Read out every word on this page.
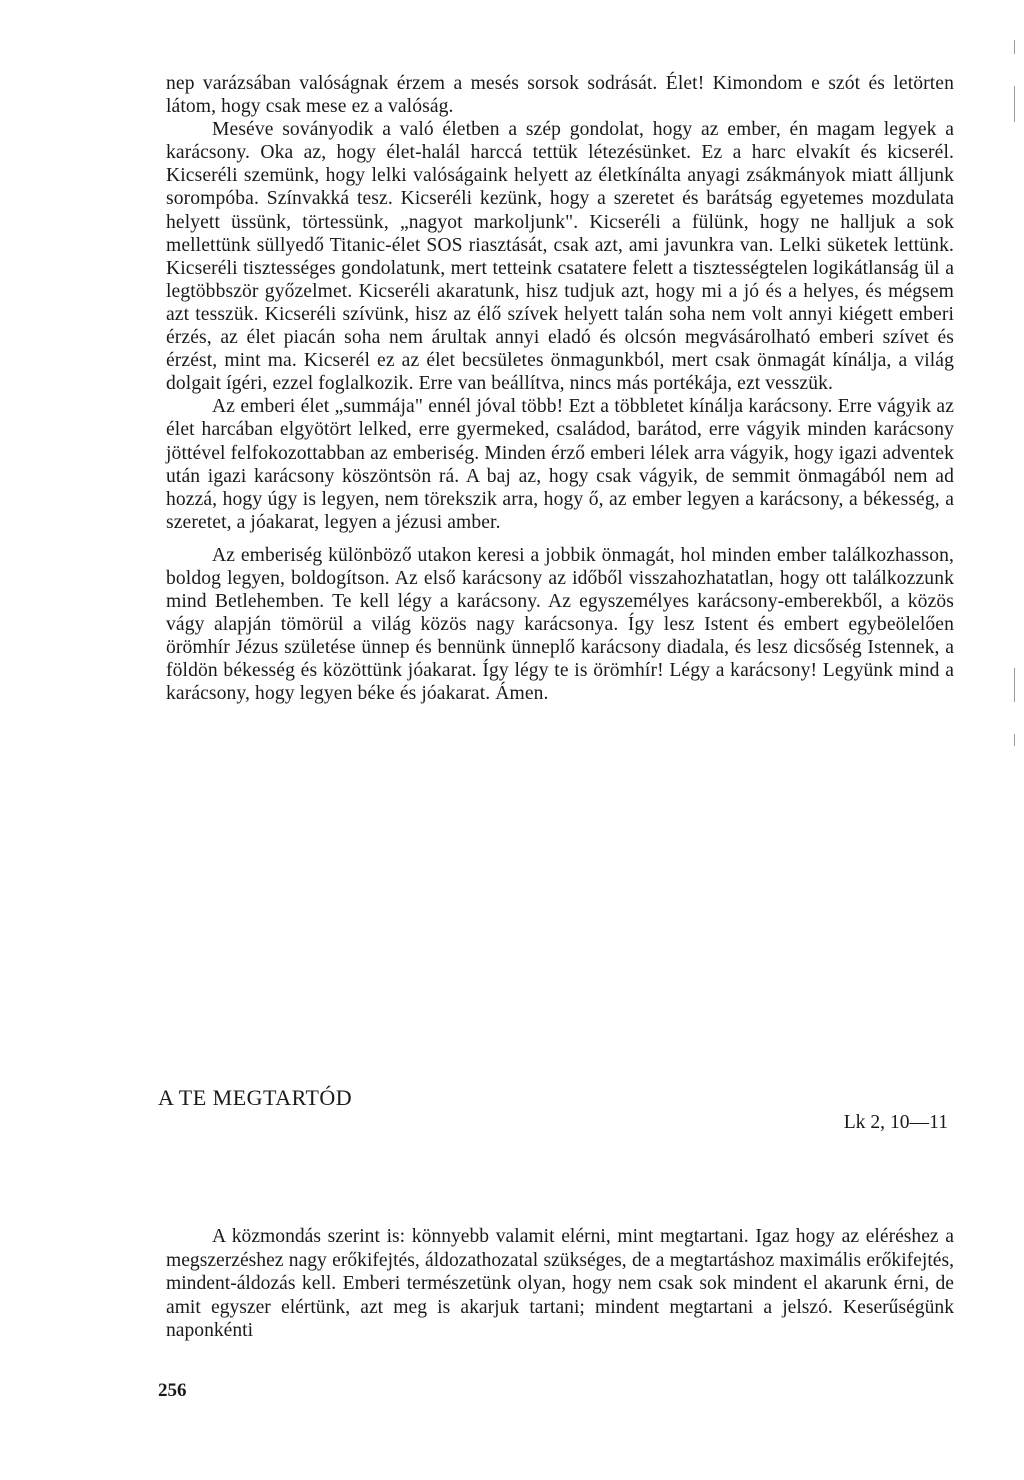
nep varázsában valóságnak érzem a mesés sorsok sodrását. Élet! Kimondom e szót és letörten látom, hogy csak mese ez a valóság.

Meséve soványodik a való életben a szép gondolat, hogy az ember, én magam legyek a karácsony. Oka az, hogy élet-halál harccá tettük létezésünket. Ez a harc elvakít és kicserél. Kicseréli szemünk, hogy lelki valóságaink helyett az életkínálta anyagi zsákmányok miatt álljunk sorompóba. Színvakká tesz. Kicseréli kezünk, hogy a szeretet és barátság egyetemes mozdulata helyett üssünk, törtessünk, „nagyot markoljunk". Kicseréli a fülünk, hogy ne halljuk a sok mellettünk süllyedő Titanic-élet SOS riasztását, csak azt, ami javunkra van. Lelki süketek lettünk. Kicseréli tisztességes gondolatunk, mert tetteink csatatere felett a tisztességtelen logikátlanság ül a legtöbbször győzelmet. Kicseréli akaratunk, hisz tudjuk azt, hogy mi a jó és a helyes, és mégsem azt tesszük. Kicseréli szívünk, hisz az élő szívek helyett talán soha nem volt annyi kiégett emberi érzés, az élet piacán soha nem árultak annyi eladó és olcsón megvásárolható emberi szívet és érzést, mint ma. Kicserél ez az élet becsületes önmagunkból, mert csak önmagát kínálja, a világ dolgait ígéri, ezzel foglalkozik. Erre van beállítva, nincs más portékája, ezt vesszük.

Az emberi élet „summája" ennél jóval több! Ezt a többletet kínálja karácsony. Erre vágyik az élet harcában elgyötört lelked, erre gyermeked, családod, barátod, erre vágyik minden karácsony jöttével felfokozottabban az emberiség. Minden érző emberi lélek arra vágyik, hogy igazi adventek után igazi karácsony köszöntsön rá. A baj az, hogy csak vágyik, de semmit önmagából nem ad hozzá, hogy úgy is legyen, nem törekszik arra, hogy ő, az ember legyen a karácsony, a békesség, a szeretet, a jóakarat, legyen a jézusi amber.

Az emberiség különböző utakon keresi a jobbik önmagát, hol minden ember találkozhasson, boldog legyen, boldogítson. Az első karácsony az időből visszahozhatatlan, hogy ott találkozzunk mind Betlehemben. Te kell légy a karácsony. Az egyszemélyes karácsony-emberekből, a közös vágy alapján tömörül a világ közös nagy karácsonya. Így lesz Istent és embert egybeölelően örömhír Jézus születése ünnep és bennünk ünneplő karácsony diadala, és lesz dicsőség Istennek, a földön békesség és közöttünk jóakarat. Így légy te is örömhír! Légy a karácsony! Legyünk mind a karácsony, hogy legyen béke és jóakarat. Ámen.

A TE MEGTARTÓD
Lk 2, 10—11

A közmondás szerint is: könnyebb valamit elérni, mint megtartani. Igaz hogy az eléréshez a megszerzéshez nagy erőkifejtés, áldozathozatal szükséges, de a megtartáshoz maximális erőkifejtés, mindent-áldozás kell. Emberi természetünk olyan, hogy nem csak sok mindent el akarunk érni, de amit egyszer elértünk, azt meg is akarjuk tartani; mindent megtartani a jelszó. Keserűségünk naponkénti

256
